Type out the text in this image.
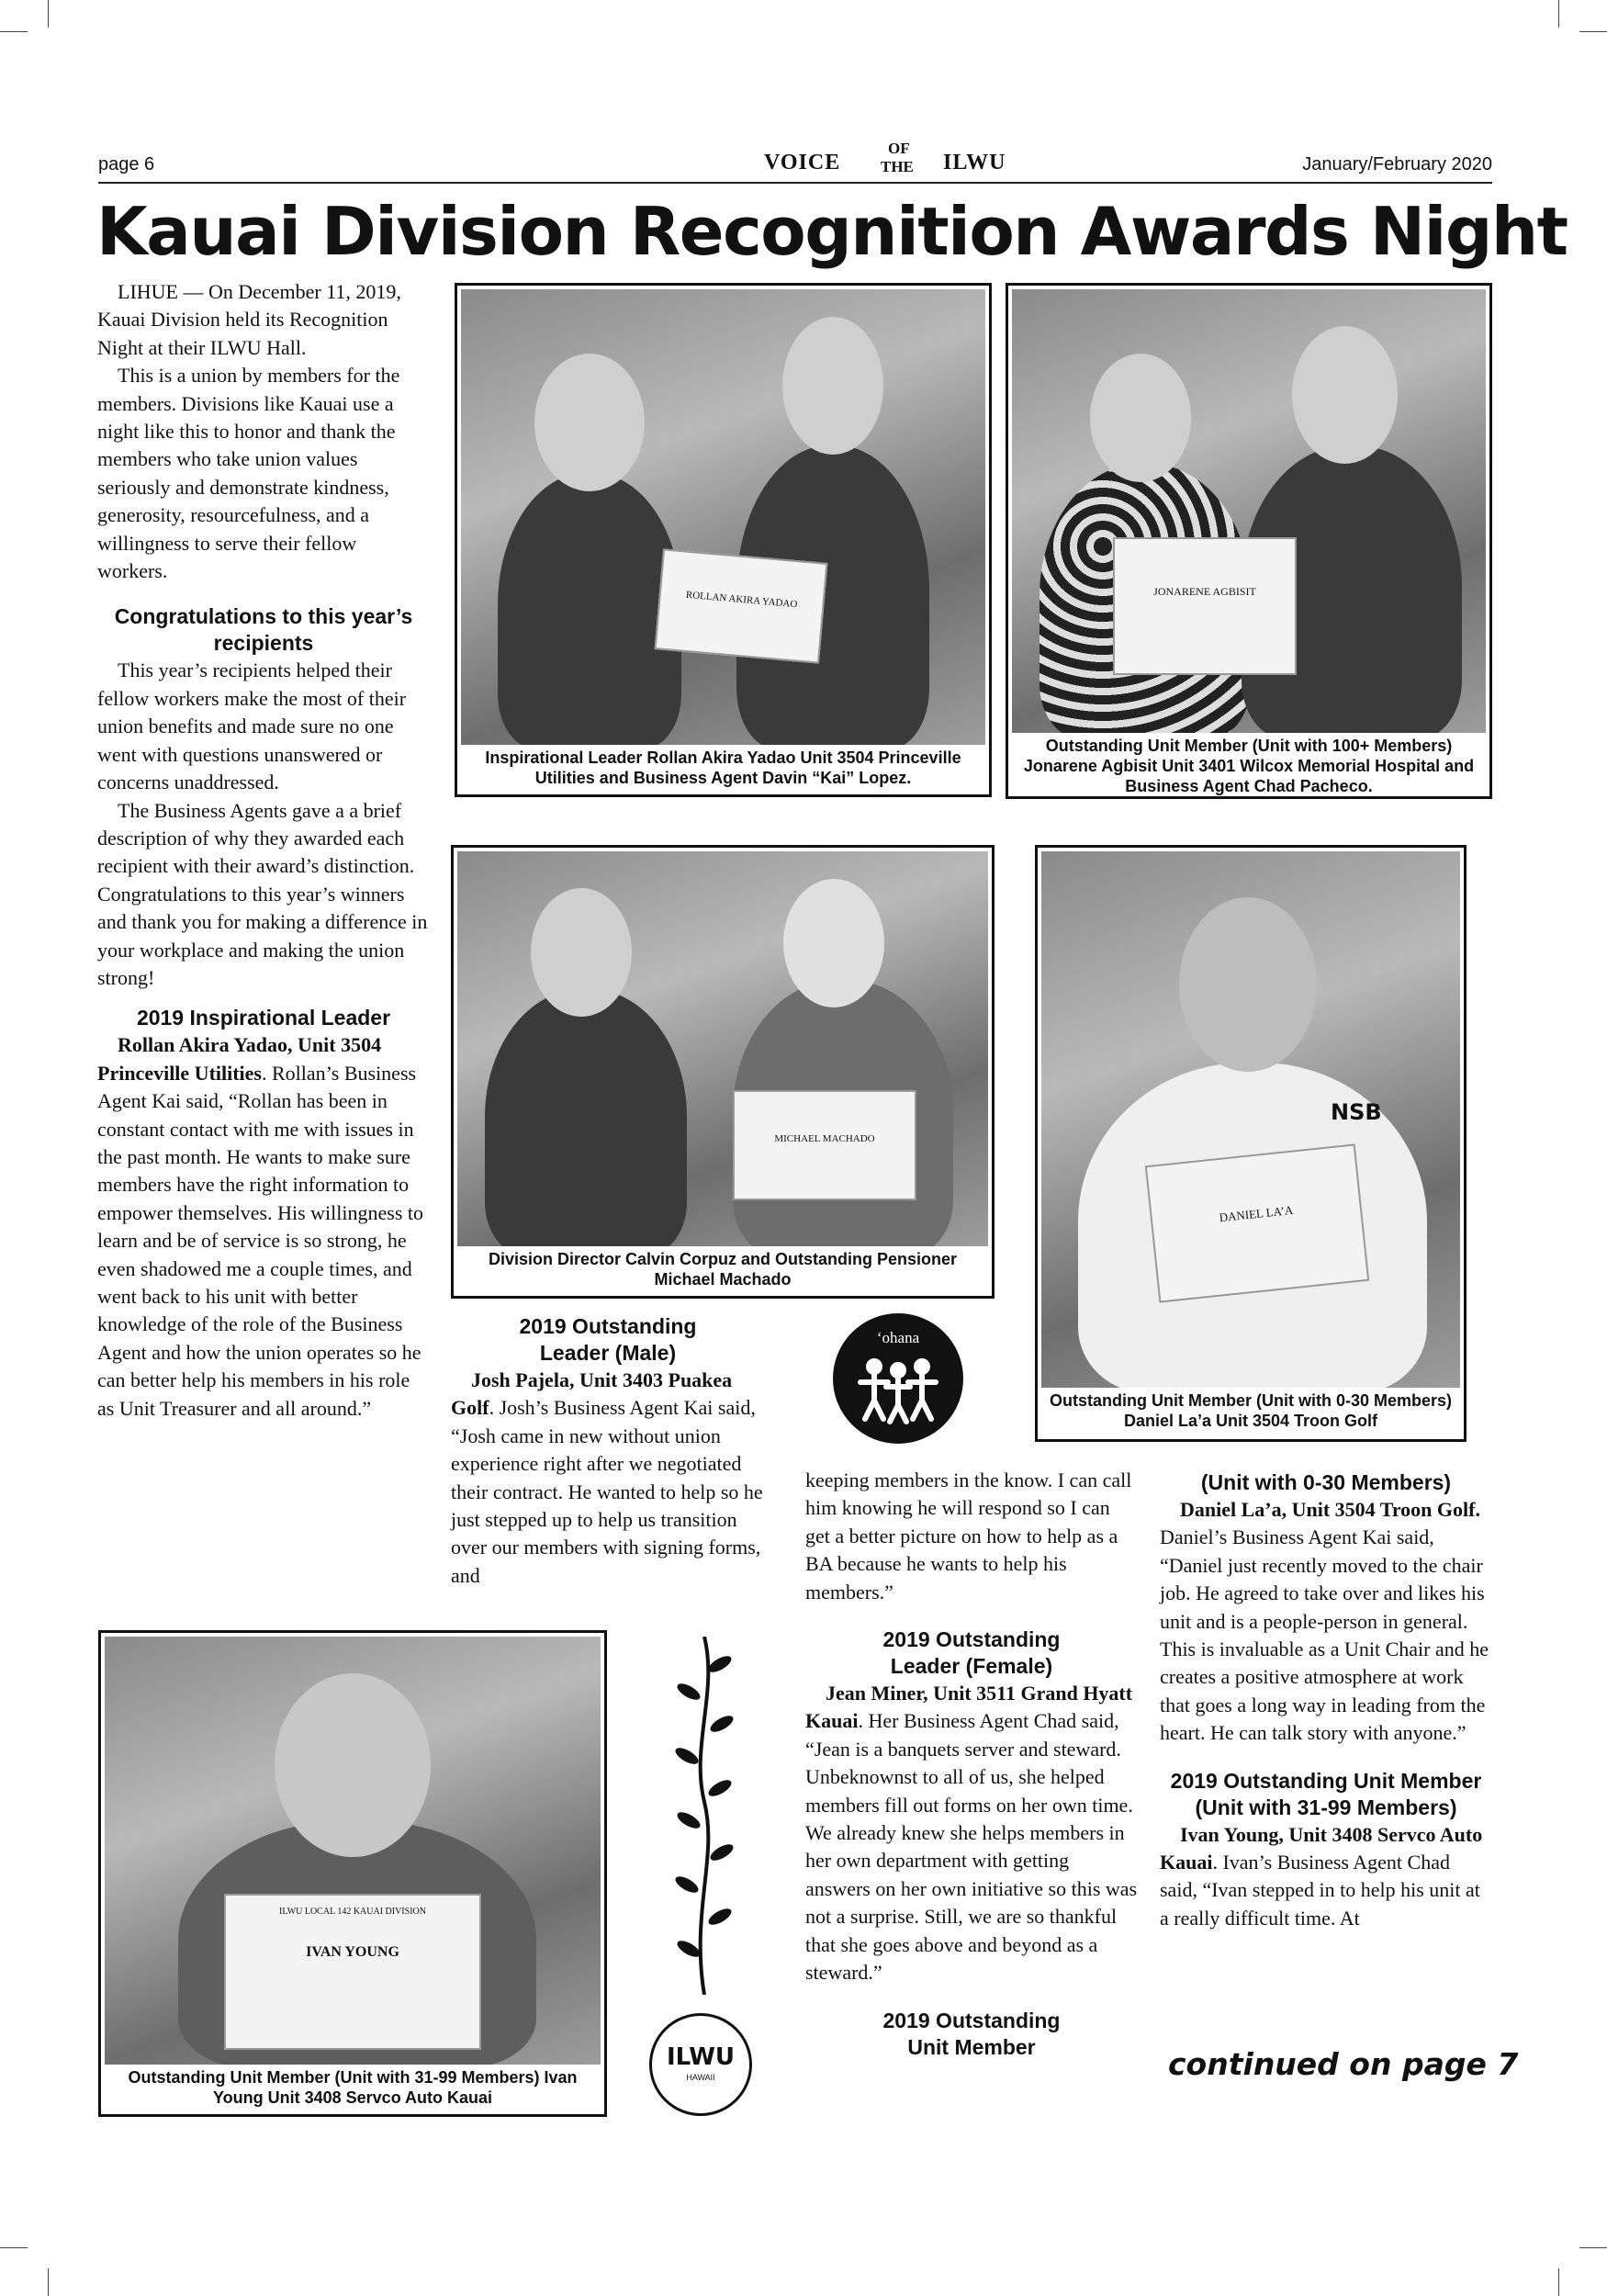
page 6	VOICE
OF
THE ILWU	January/February 2020
Kauai Division Recognition Awards Night

LIHUE — On December 11, 2019, Kauai Division held its Recognition Night at their ILWU Hall.

This is a union by members for the members. Divisions like Kauai use a night like this to honor and thank the members who take union values seriously and demonstrate kindness, generosity, resourcefulness, and a willingness to serve their fellow workers.

Congratulations to this year’s recipients

This year’s recipients helped their fellow workers make the most of their union benefits and made sure no one went with questions unanswered or concerns unaddressed.

The Business Agents gave a a brief description of why they awarded each recipient with their award’s distinction. Congratulations to this year’s winners and thank you for making a difference in your workplace and making the union strong!

2019 Inspirational Leader

Rollan Akira Yadao, Unit 3504 Princeville Utilities. Rollan’s Business Agent Kai said, “Rollan has been in constant contact with me with issues in the past month. He wants to make sure members have the right information to empower themselves. His willingness to learn and be of service is so strong, he even shadowed me a couple times, and went back to his unit with better knowledge of the role of the Business Agent and how the union operates so he can better help his members in his role as Unit Treasurer and all around.”

2019 Outstanding Leader (Male)

Josh Pajela, Unit 3403 Puakea Golf. Josh’s Business Agent Kai said, “Josh came in new without union experience right after we negotiated their contract. He wanted to help so he just stepped up to help us transition over our members with signing forms, and

keeping members in the know. I can call him knowing he will respond so I can get a better picture on how to help as a BA because he wants to help his members.”

2019 Outstanding Leader (Female)

Jean Miner, Unit 3511 Grand Hyatt Kauai. Her Business Agent Chad said, “Jean is a banquets server and steward. Unbeknownst to all of us, she helped members fill out forms on her own time. We already knew she helps members in her own department with getting answers on her own initiative so this was not a surprise. Still, we are so thankful that she goes above and beyond as a steward.”

2019 Outstanding Unit Member
(Unit with 0-30 Members)

Daniel La’a, Unit 3504 Troon Golf. Daniel’s Business Agent Kai said, “Daniel just recently moved to the chair job. He agreed to take over and likes his unit and is a people-person in general. This is invaluable as a Unit Chair and he creates a positive atmosphere at work that goes a long way in leading from the heart. He can talk story with anyone.”

2019 Outstanding Unit Member (Unit with 31-99 Members)

Ivan Young, Unit 3408 Servco Auto Kauai. Ivan’s Business Agent Chad said, “Ivan stepped in to help his unit at a really difficult time. At

ROLLAN AKIRA YADAO
Inspirational Leader Rollan Akira Yadao Unit 3504 Princeville Utilities and Business Agent Davin “Kai” Lopez.
JONARENE AGBISIT
Outstanding Unit Member (Unit with 100+ Members) Jonarene Agbisit Unit 3401 Wilcox Memorial Hospital and Business Agent Chad Pacheco.
MICHAEL MACHADO
Division Director Calvin Corpuz and Outstanding Pensioner Michael Machado
NSB
DANIEL LA’A
Outstanding Unit Member (Unit with 0-30 Members) Daniel La’a Unit 3504 Troon Golf
ILWU LOCAL 142 KAUAI DIVISION
IVAN YOUNG
Outstanding Unit Member (Unit with 31-99 Members) Ivan Young Unit 3408 Servco Auto Kauai
‘ohana
ILWU
HAWAII	continued on page 7
